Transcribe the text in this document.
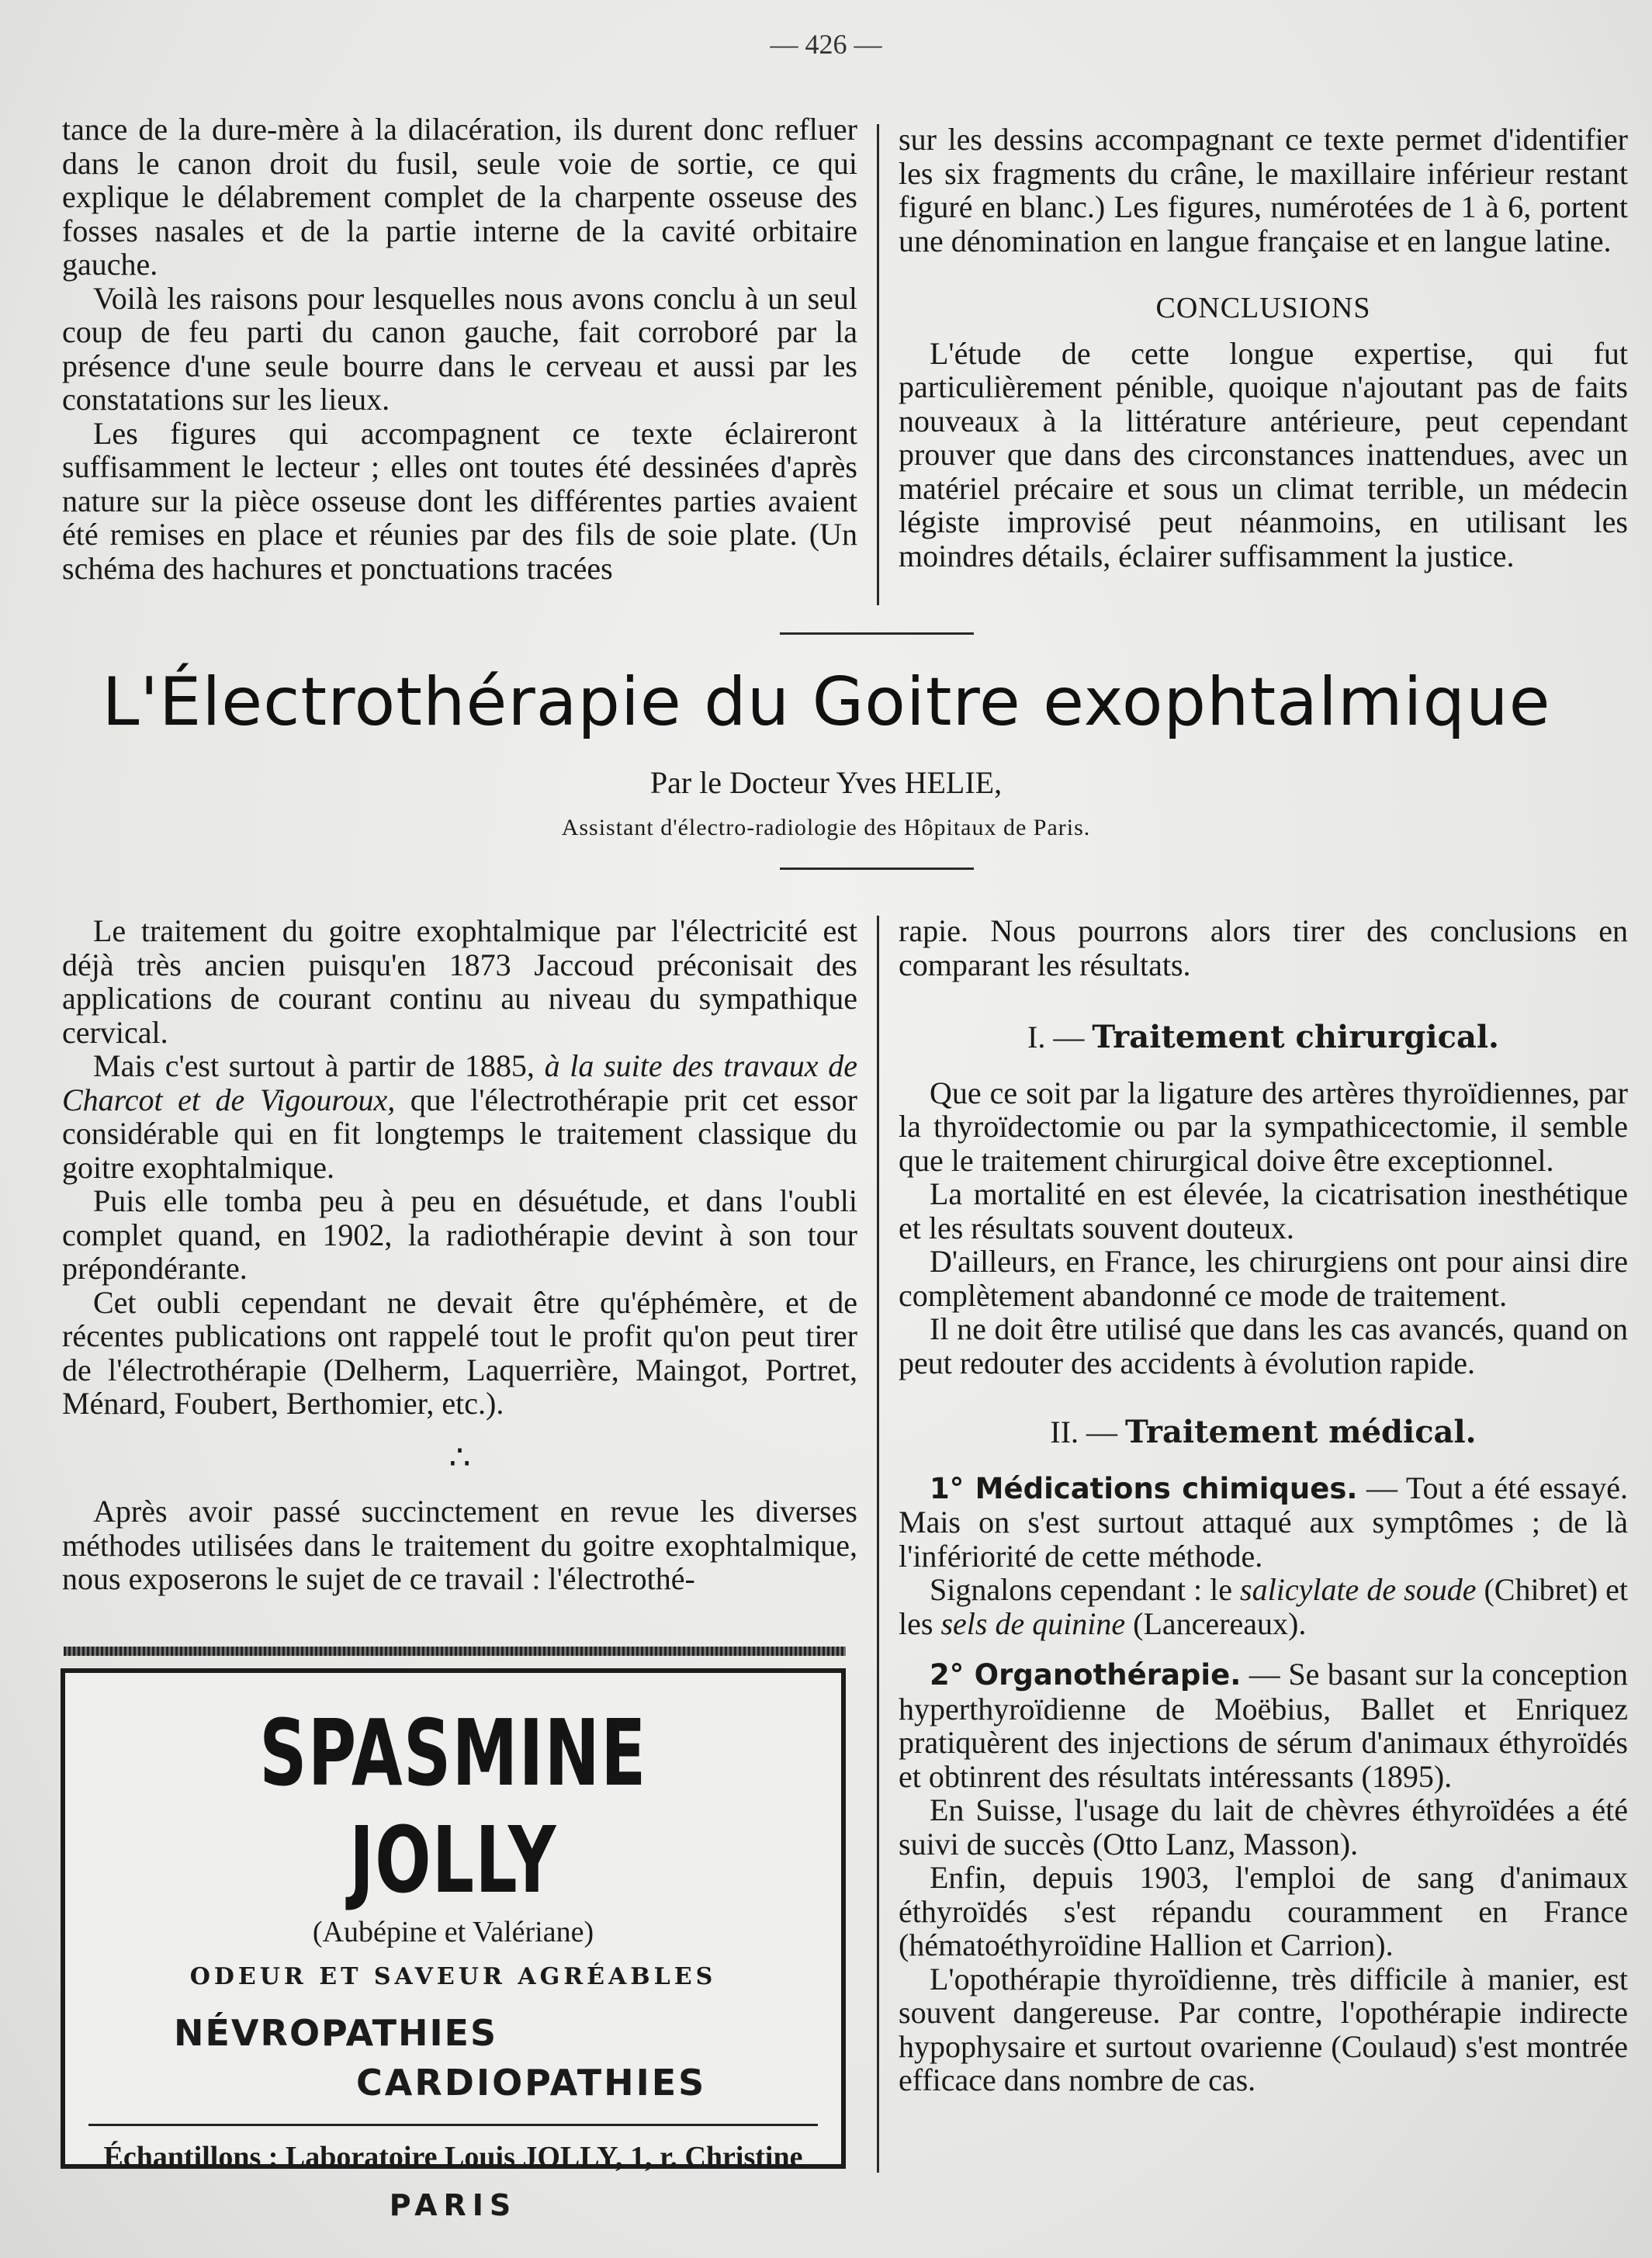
— 426 —

tance de la dure-mère à la dilacération, ils durent donc refluer dans le canon droit du fusil, seule voie de sortie, ce qui explique le délabrement complet de la charpente osseuse des fosses nasales et de la partie interne de la cavité orbitaire gauche.

Voilà les raisons pour lesquelles nous avons conclu à un seul coup de feu parti du canon gauche, fait corroboré par la présence d'une seule bourre dans le cerveau et aussi par les constatations sur les lieux.

Les figures qui accompagnent ce texte éclaireront suffisamment le lecteur ; elles ont toutes été dessinées d'après nature sur la pièce osseuse dont les différentes parties avaient été remises en place et réunies par des fils de soie plate. (Un schéma des hachures et ponctuations tracées

sur les dessins accompagnant ce texte permet d'identifier les six fragments du crâne, le maxillaire inférieur restant figuré en blanc.) Les figures, numérotées de 1 à 6, portent une dénomination en langue française et en langue latine.

CONCLUSIONS

L'étude de cette longue expertise, qui fut particulièrement pénible, quoique n'ajoutant pas de faits nouveaux à la littérature antérieure, peut cependant prouver que dans des circonstances inattendues, avec un matériel précaire et sous un climat terrible, un médecin légiste improvisé peut néanmoins, en utilisant les moindres détails, éclairer suffisamment la justice.

L'Électrothérapie du Goitre exophtalmique
Par le Docteur Yves HELIE,
Assistant d'électro-radiologie des Hôpitaux de Paris.

Le traitement du goitre exophtalmique par l'électricité est déjà très ancien puisqu'en 1873 Jaccoud préconisait des applications de courant continu au niveau du sympathique cervical.

Mais c'est surtout à partir de 1885, à la suite des travaux de Charcot et de Vigouroux, que l'électrothérapie prit cet essor considérable qui en fit longtemps le traitement classique du goitre exophtalmique.

Puis elle tomba peu à peu en désuétude, et dans l'oubli complet quand, en 1902, la radiothérapie devint à son tour prépondérante.

Cet oubli cependant ne devait être qu'éphémère, et de récentes publications ont rappelé tout le profit qu'on peut tirer de l'électrothérapie (Delherm, Laquerrière, Maingot, Portret, Ménard, Foubert, Berthomier, etc.).

∴

Après avoir passé succinctement en revue les diverses méthodes utilisées dans le traitement du goitre exophtalmique, nous exposerons le sujet de ce travail : l'électrothé-

rapie. Nous pourrons alors tirer des conclusions en comparant les résultats.

I. — Traitement chirurgical.

Que ce soit par la ligature des artères thyroïdiennes, par la thyroïdectomie ou par la sympathicectomie, il semble que le traitement chirurgical doive être exceptionnel.

La mortalité en est élevée, la cicatrisation inesthétique et les résultats souvent douteux.

D'ailleurs, en France, les chirurgiens ont pour ainsi dire complètement abandonné ce mode de traitement.

Il ne doit être utilisé que dans les cas avancés, quand on peut redouter des accidents à évolution rapide.

II. — Traitement médical.

1° Médications chimiques. — Tout a été essayé. Mais on s'est surtout attaqué aux symptômes ; de là l'infériorité de cette méthode.

Signalons cependant : le salicylate de soude (Chibret) et les sels de quinine (Lancereaux).

2° Organothérapie. — Se basant sur la conception hyperthyroïdienne de Moëbius, Ballet et Enriquez pratiquèrent des injections de sérum d'animaux éthyroïdés et obtinrent des résultats intéressants (1895).

En Suisse, l'usage du lait de chèvres éthyroïdées a été suivi de succès (Otto Lanz, Masson).

Enfin, depuis 1903, l'emploi de sang d'animaux éthyroïdés s'est répandu couramment en France (hématoéthyroïdine Hallion et Carrion).

L'opothérapie thyroïdienne, très difficile à manier, est souvent dangereuse. Par contre, l'opothérapie indirecte hypophysaire et surtout ovarienne (Coulaud) s'est montrée efficace dans nombre de cas.

SPASMINE JOLLY
(Aubépine et Valériane)
ODEUR ET SAVEUR AGRÉABLES
NÉVROPATHIES
CARDIOPATHIES
Échantillons : Laboratoire Louis JOLLY, 1, r. Christine
PARIS
